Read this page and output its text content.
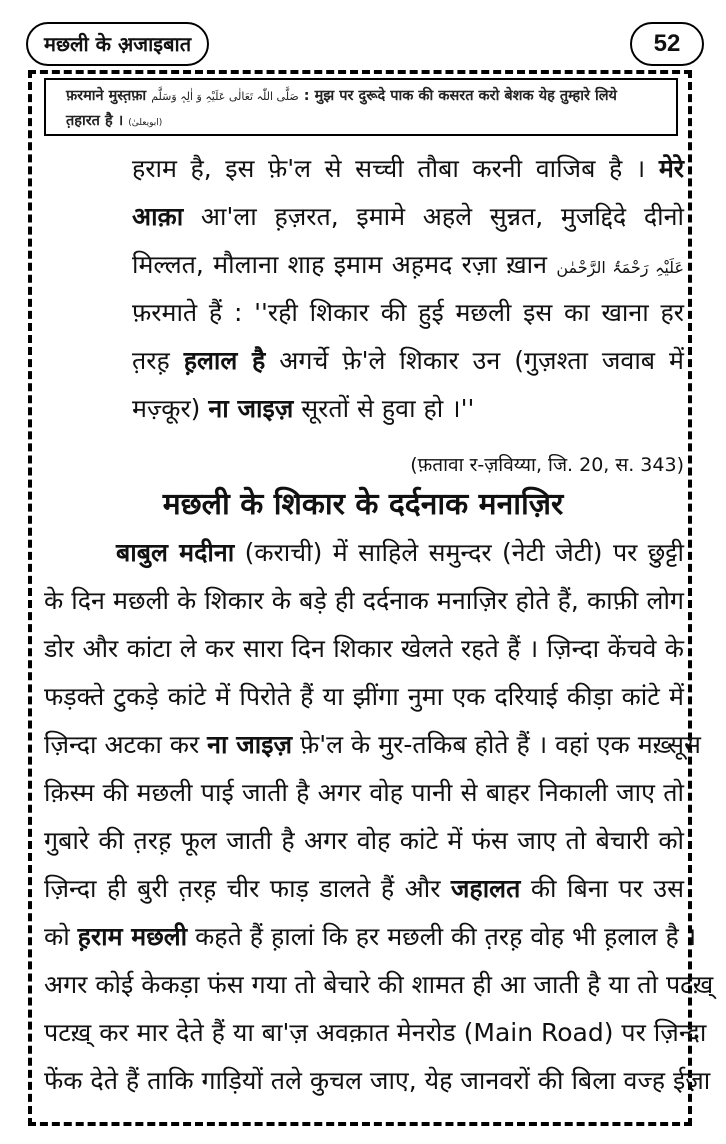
मछली के अ़जाइबात	52
फ़रमाने मुस्त़फ़ा صَلَّی اللّٰہ تَعَالٰی عَلَیْہِ وَ اٰلِہٖ وَسَلَّم : मुझ पर दुरूदे पाक की कसरत करो बेशक येह तुम्हारे लिये
त़हारत है । (ابویعلیٰ)
हराम है, इस फ़े'ल से सच्ची तौबा करनी वाजिब है । मेरे
आक़ा आ'ला ह़ज़रत, इमामे अहले सुन्नत, मुजद्दिदे दीनो
मिल्लत, मौलाना शाह इमाम अह़मद रज़ा ख़ान عَلَیْہِ رَحْمَۃُ الرَّحْمٰن
फ़रमाते हैं : ''रही शिकार की हुई मछली इस का खाना हर
त़रह़ ह़लाल है अगर्चे फ़े'ले शिकार उन (गुज़श्ता जवाब में
मज़्कूर) ना जाइज़ सूरतों से हुवा हो ।''
(फ़तावा र-ज़विय्या, जि. 20, स. 343)
मछली के शिकार के दर्दनाक मनाज़िर
बाबुल मदीना (कराची) में साहिले समुन्दर (नेटी जेटी) पर छुट्टी
के दिन मछली के शिकार के बड़े ही दर्दनाक मनाज़िर होते हैं, काफ़ी लोग
डोर और कांटा ले कर सारा दिन शिकार खेलते रहते हैं । ज़िन्दा केंचवे के
फड़क्ते टुकड़े कांटे में पिरोते हैं या झींगा नुमा एक दरियाई कीड़ा कांटे में
ज़िन्दा अटका कर ना जाइज़ फ़े'ल के मुर-तकिब होते हैं । वहां एक मख़्सूस
क़िस्म की मछली पाई जाती है अगर वोह पानी से बाहर निकाली जाए तो
गुबारे की त़रह़ फूल जाती है अगर वोह कांटे में फंस जाए तो बेचारी को
ज़िन्दा ही बुरी त़रह़ चीर फाड़ डालते हैं और जहालत की बिना पर उस
को ह़राम मछली कहते हैं ह़ालां कि हर मछली की त़रह़ वोह भी ह़लाल है ।
अगर कोई केकड़ा फंस गया तो बेचारे की शामत ही आ जाती है या तो पटख़्
पटख़् कर मार देते हैं या बा'ज़ अवक़ात मेनरोड (Main Road) पर ज़िन्दा
फेंक देते हैं ताकि गाड़ियों तले कुचल जाए, येह जानवरों की बिला वज्ह ईज़ा
